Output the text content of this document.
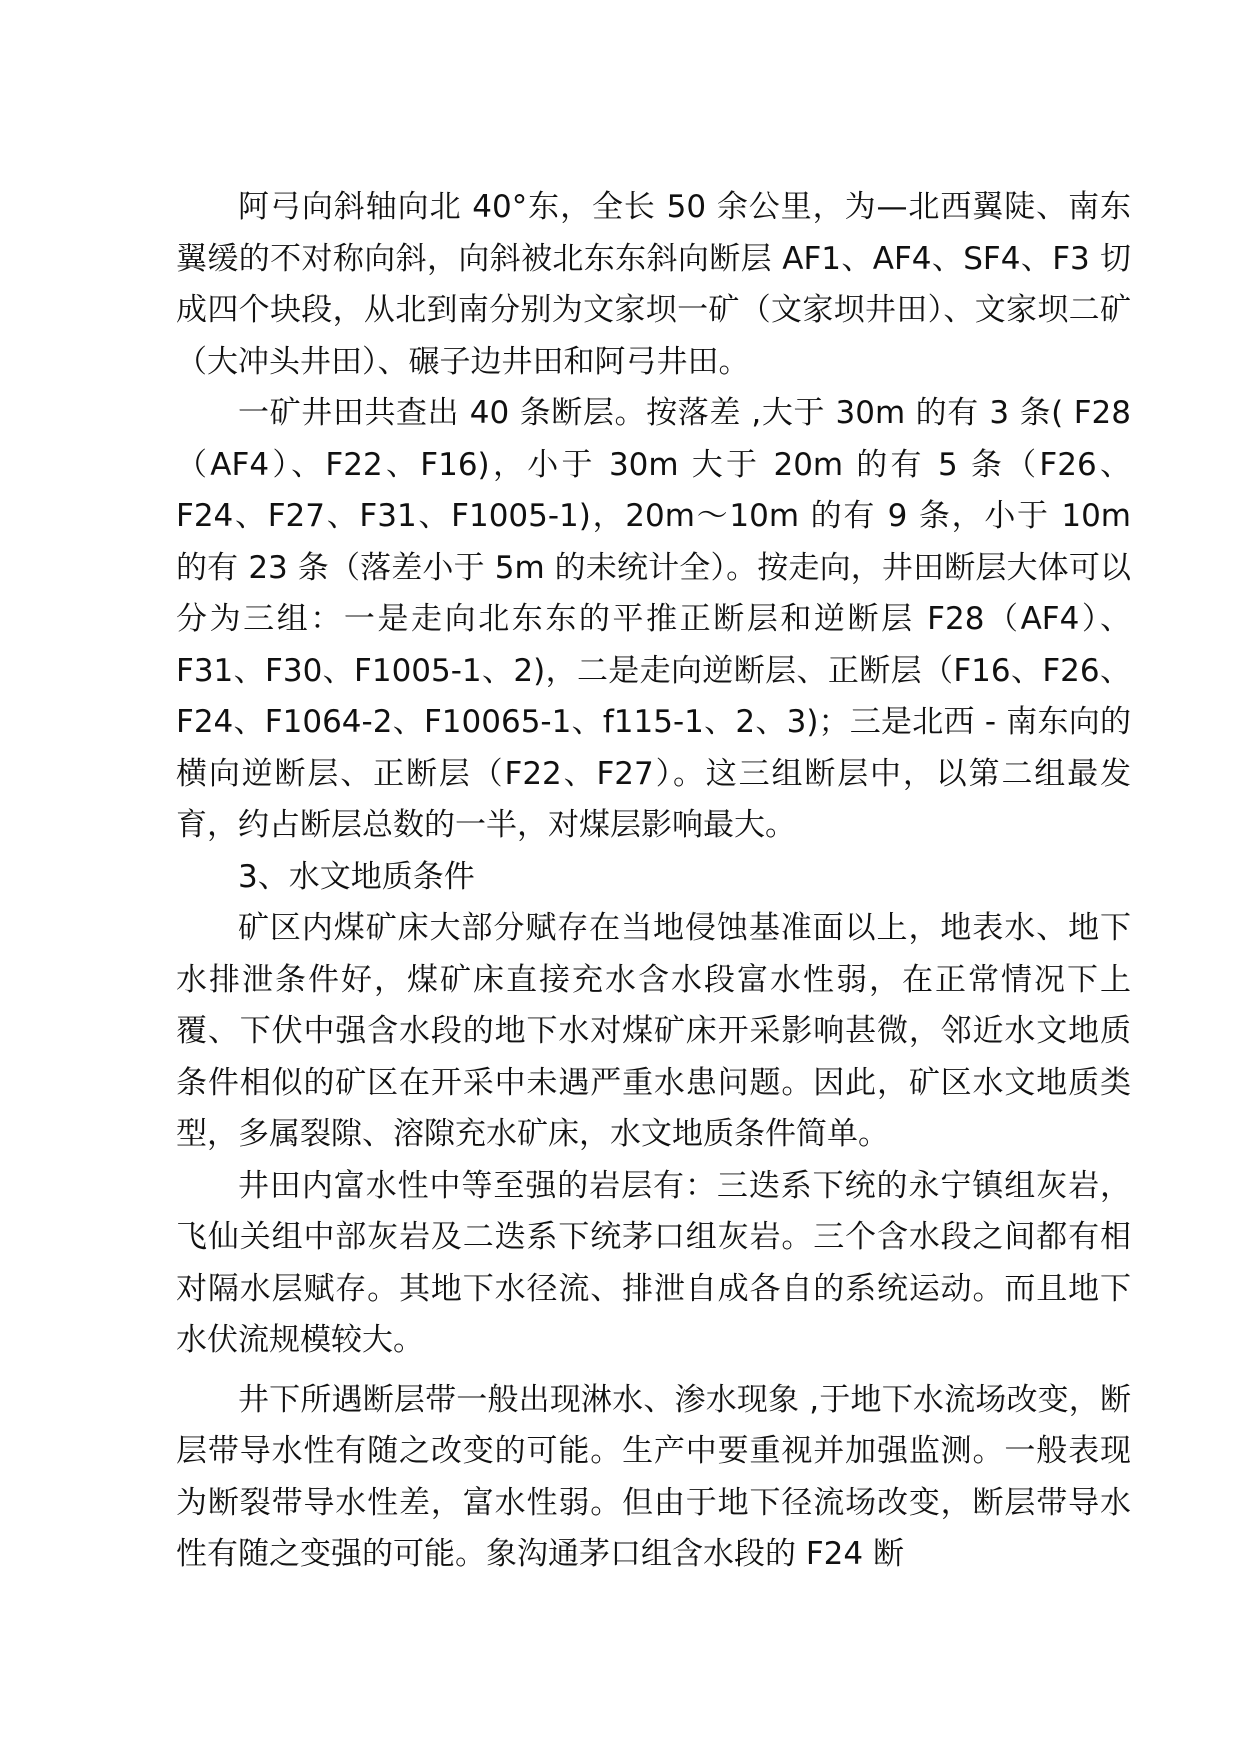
阿弓向斜轴向北 40°东，全长 50 余公里，为—北西翼陡、南东翼缓的不对称向斜，向斜被北东东斜向断层 AF1、AF4、SF4、F3 切成四个块段，从北到南分别为文家坝一矿（文家坝井田）、文家坝二矿（大冲头井田）、碾子边井田和阿弓井田。

一矿井田共查出 40 条断层。按落差 ,大于 30m 的有 3 条( F28（AF4）、F22、F16)，小于 30m 大于 20m 的有 5 条（F26、F24、F27、F31、F1005-1)，20m～10m 的有 9 条，小于 10m 的有 23 条（落差小于 5m 的未统计全）。按走向，井田断层大体可以分为三组：一是走向北东东的平推正断层和逆断层 F28（AF4）、F31、F30、F1005-1、2)，二是走向逆断层、正断层（F16、F26、F24、F1064-2、F10065-1、f115-1、2、3)；三是北西 - 南东向的横向逆断层、正断层（F22、F27）。这三组断层中，以第二组最发育，约占断层总数的一半，对煤层影响最大。

3、水文地质条件

矿区内煤矿床大部分赋存在当地侵蚀基准面以上，地表水、地下水排泄条件好，煤矿床直接充水含水段富水性弱，在正常情况下上覆、下伏中强含水段的地下水对煤矿床开采影响甚微，邻近水文地质条件相似的矿区在开采中未遇严重水患问题。因此，矿区水文地质类型，多属裂隙、溶隙充水矿床，水文地质条件简单。

井田内富水性中等至强的岩层有：三迭系下统的永宁镇组灰岩，飞仙关组中部灰岩及二迭系下统茅口组灰岩。三个含水段之间都有相对隔水层赋存。其地下水径流、排泄自成各自的系统运动。而且地下水伏流规模较大。

井下所遇断层带一般出现淋水、渗水现象 ,于地下水流场改变，断层带导水性有随之改变的可能。生产中要重视并加强监测。一般表现为断裂带导水性差，富水性弱。但由于地下径流场改变，断层带导水性有随之变强的可能。象沟通茅口组含水段的 F24 断
